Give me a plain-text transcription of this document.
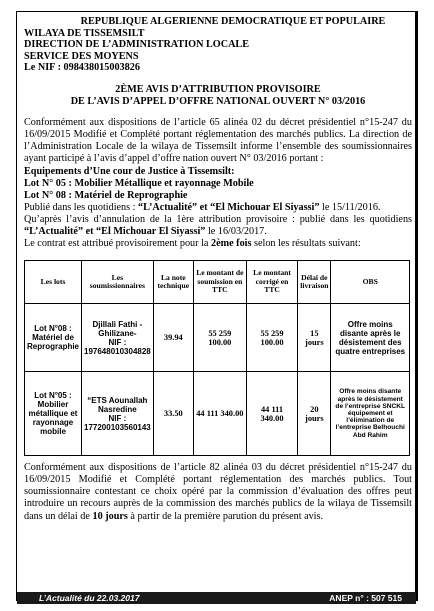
REPUBLIQUE ALGERIENNE DEMOCRATIQUE ET POPULAIRE

WILAYA DE TISSEMSILT

DIRECTION DE L’ADMINISTRATION LOCALE

SERVICE DES MOYENS

Le NIF : 098438015003826

2ÈME AVIS D’ATTRIBUTION PROVISOIRE
DE L’AVIS D’APPEL D’OFFRE NATIONAL OUVERT N° 03/2016

Conformément aux dispositions de l’article 65 alinéa 02 du décret présidentiel n°15-247 du 16/09/2015 Modifié et Complété portant réglementation des marchés publics. La direction de l’Administration Locale de la wilaya de Tissemsilt informe l’ensemble des soumissionnaires ayant participé à l’avis d’appel d’offre nation ouvert N° 03/2016 portant :

Equipements d’Une cour de Justice à Tissemsilt:
Lot N° 05 : Mobilier Métallique et rayonnage Mobile
Lot N° 08 : Matériel de Reprographie

Publié dans les quotidiens : “L’Actualité” et “El Michouar El Siyassi” le 15/11/2016.

Qu’après l’avis d’annulation de la 1ère attribution provisoire : publié dans les quotidiens “L’Actualité” et “El Michouar El Siyassi” le 16/03/2017.

Le contrat est attribué provisoirement pour la 2ème fois selon les résultats suivant:

Les lots	Les soumissionnaires	La note technique	Le montant de soumission en TTC	Le montant corrigé en TTC	Délai de livraison	OBS
Lot N°08 : Matériel de Reprographie	Djillali Fathi -Ghilizane-
NIF : 197648010304828	39.94	55 259 100.00	55 259 100.00	15 jours	Offre moins disante après le désistement des quatre entreprises
Lot N°05 : Mobilier métallique et rayonnage mobile	“ETS Aounallah Nasredine
NIF : 177200103560143	33.50	44 111 340.00	44 111 340.00	20 jours	Offre moins disante après le désistement de l’entreprise SNCKL équipement et l’élimination de l’entreprise Belhouchi Abd Rahim

Conformément aux dispositions de l’article 82 alinéa 03 du décret présidentiel n°15-247 du 16/09/2015 Modifié et Complété portant réglementation des marchés publics. Tout soumissionnaire contestant ce choix opéré par la commission d’évaluation des offres peut introduire un recours auprès de la commission des marchés publics de la wilaya de Tissemsilt dans un délai de 10 jours à partir de la première parution du présent avis.

L’Actualité du 22.03.2017	ANEP n° : 507 515
